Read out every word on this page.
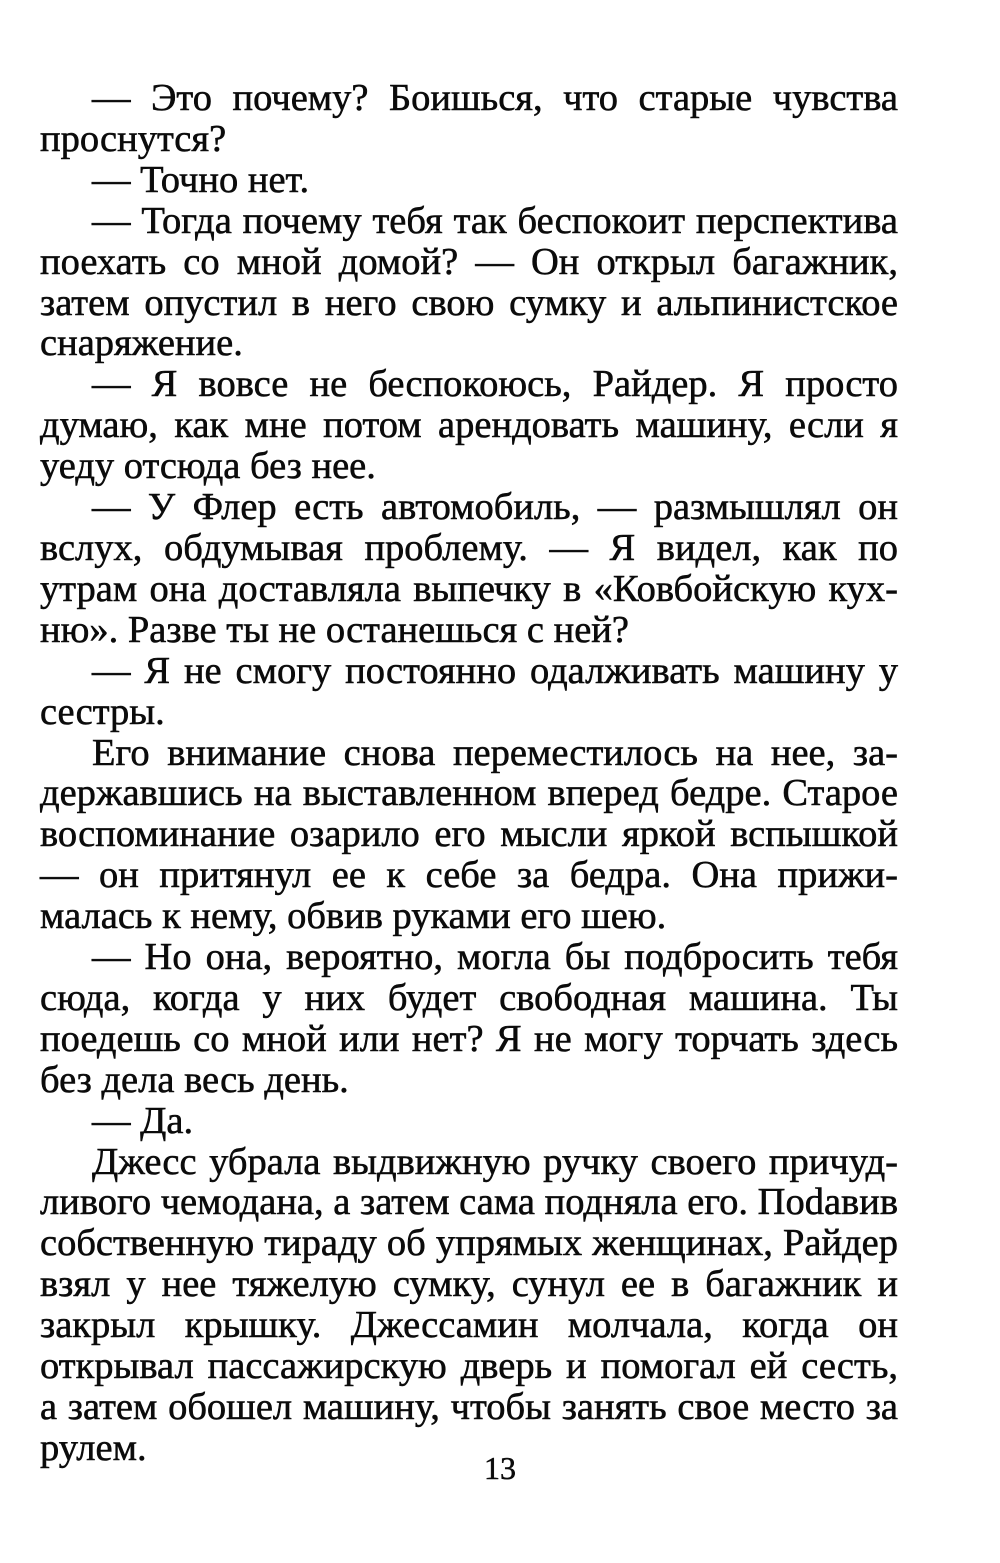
— Это почему? Боишься, что старые чувства проснутся?

— Точно нет.

— Тогда почему тебя так беспокоит перспектива поехать со мной домой? — Он открыл багажник, затем опустил в него свою сумку и альпинистское снаряжение.

— Я вовсе не беспокоюсь, Райдер. Я просто думаю, как мне потом арендовать машину, если я уеду отсюда без нее.

— У Флер есть автомобиль, — размышлял он вслух, обдумывая проблему. — Я видел, как по утрам она доставляла выпечку в «Ковбойскую кухню». Разве ты не останешься с ней?

— Я не смогу постоянно одалживать машину у сестры.

Его внимание снова переместилось на нее, задержавшись на выставленном вперед бедре. Старое воспоминание озарило его мысли яркой вспышкой — он притянул ее к себе за бедра. Она прижималась к нему, обвив руками его шею.

— Но она, вероятно, могла бы подбросить тебя сюда, когда у них будет свободная машина. Ты поедешь со мной или нет? Я не могу торчать здесь без дела весь день.

— Да.

Джесс убрала выдвижную ручку своего причудливого чемодана, а затем сама подняла его. Поdавив собственную тираду об упрямых женщинах, Райдер взял у нее тяжелую сумку, сунул ее в багажник и закрыл крышку. Джессамин молчала, когда он открывал пассажирскую дверь и помогал ей сесть, а затем обошел машину, чтобы занять свое место за рулем.	13
